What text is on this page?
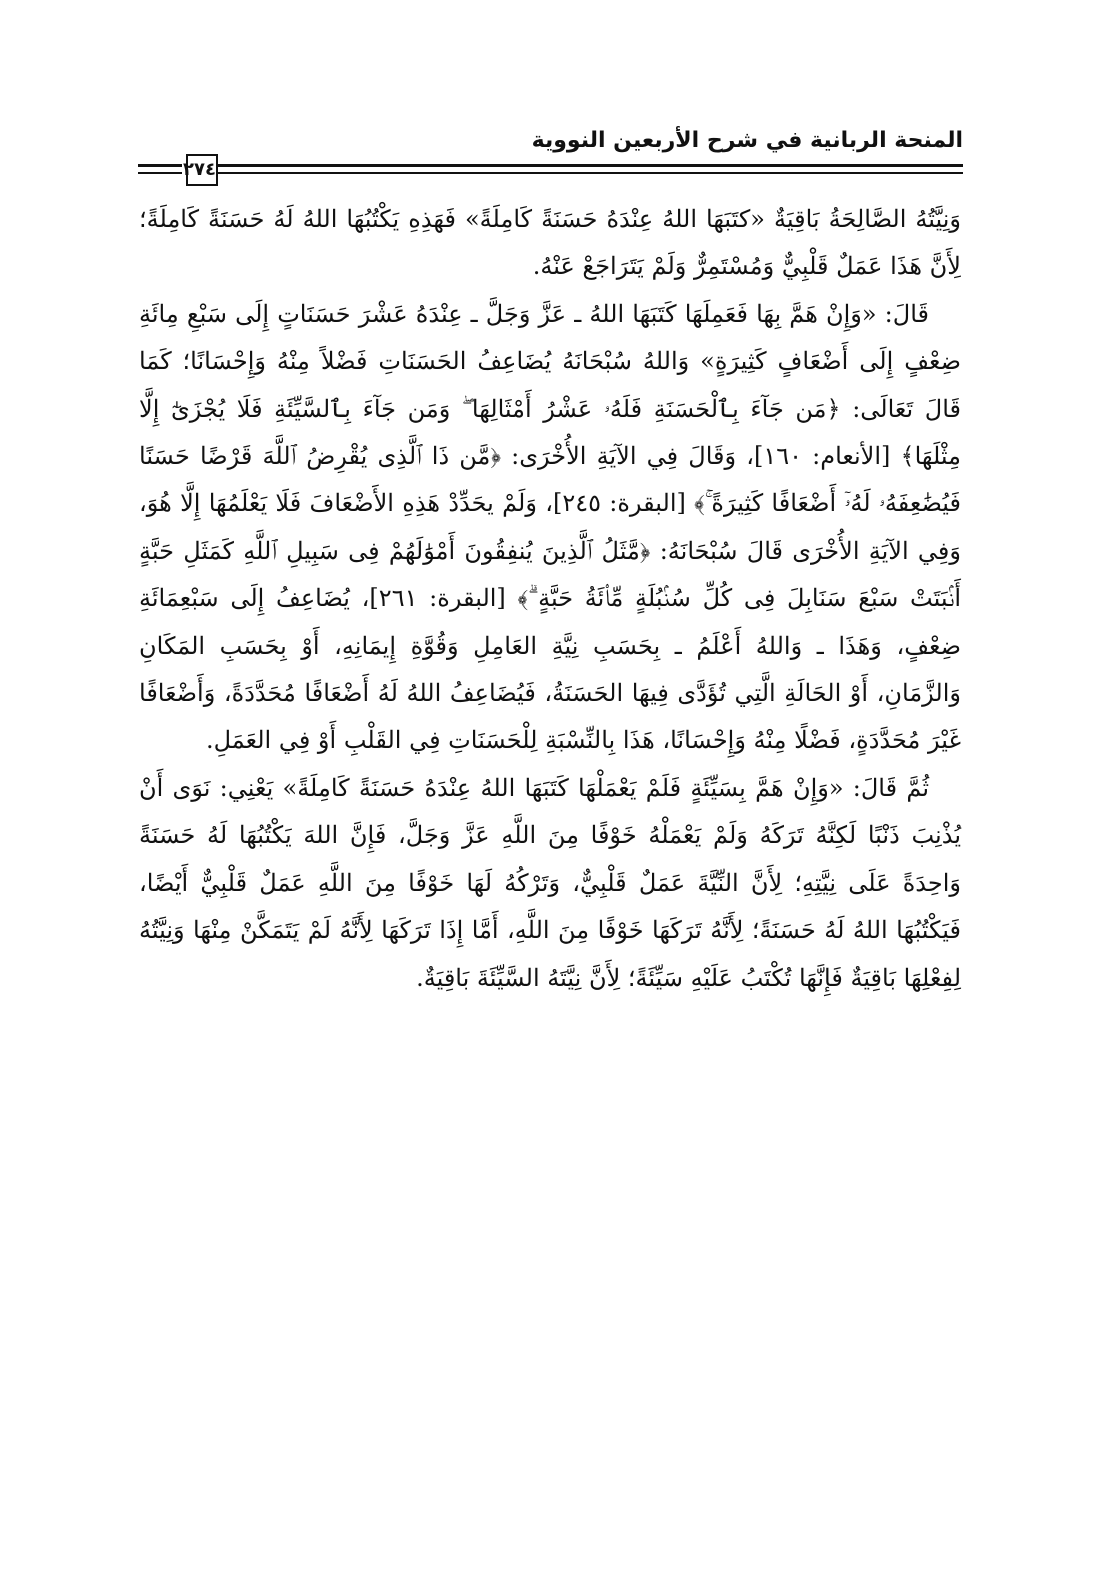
المنحة الربانية في شرح الأربعين النووية
٢٧٤

وَنِيَّتُهُ الصَّالِحَةُ بَاقِيَةٌ «كتَبَهَا اللهُ عِنْدَهُ حَسَنَةً كَامِلَةً» فَهَذِهِ يَكْتُبُهَا اللهُ لَهُ حَسَنَةً كَامِلَةً؛ لِأَنَّ هَذَا عَمَلٌ قَلْبِيٌّ وَمُسْتَمِرٌّ وَلَمْ يَتَرَاجَعْ عَنْهُ.

قَالَ: «وَإِنْ هَمَّ بِهَا فَعَمِلَهَا كَتَبَهَا اللهُ ـ عَزَّ وَجَلَّ ـ عِنْدَهُ عَشْرَ حَسَنَاتٍ إِلَى سَبْعِ مِائَةِ ضِعْفٍ إِلَى أَضْعَافٍ كَثِيرَةٍ» وَاللهُ سُبْحَانَهُ يُضَاعِفُ الحَسَنَاتِ فَضْلاً مِنْهُ وَإِحْسَانًا؛ كَمَا قَالَ تَعَالَى: ﴿مَن جَآءَ بِٱلْحَسَنَةِ فَلَهُۥ عَشْرُ أَمْثَالِهَا ۖ وَمَن جَآءَ بِٱلسَّيِّئَةِ فَلَا يُجْزَىٰٓ إِلَّا مِثْلَهَا﴾ [الأنعام: ١٦٠]، وَقَالَ فِي الآيَةِ الأُخْرَى: ﴿مَّن ذَا ٱلَّذِى يُقْرِضُ ٱللَّهَ قَرْضًا حَسَنًا فَيُضَٰعِفَهُۥ لَهُۥٓ أَضْعَافًا كَثِيرَةً ۚ﴾ [البقرة: ٢٤٥]، وَلَمْ يحَدِّدْ هَذِهِ الأَضْعَافَ فَلَا يَعْلَمُهَا إِلَّا هُوَ، وَفِي الآيَةِ الأُخْرَى قَالَ سُبْحَانَهُ: ﴿مَّثَلُ ٱلَّذِينَ يُنفِقُونَ أَمْوَٰلَهُمْ فِى سَبِيلِ ٱللَّهِ كَمَثَلِ حَبَّةٍ أَنۢبَتَتْ سَبْعَ سَنَابِلَ فِى كُلِّ سُنۢبُلَةٍ مِّا۟ئَةُ حَبَّةٍ ۗ﴾ [البقرة: ٢٦١]، يُضَاعِفُ إِلَى سَبْعِمَائَةِ ضِعْفٍ، وَهَذَا ـ وَاللهُ أَعْلَمُ ـ بِحَسَبِ نِيَّةِ العَامِلِ وَقُوَّةِ إِيمَانِهِ، أَوْ بِحَسَبِ المَكَانِ وَالزَّمَانِ، أَوْ الحَالَةِ الَّتِي تُؤَدَّى فِيهَا الحَسَنَةُ، فَيُضَاعِفُ اللهُ لَهُ أَضْعَافًا مُحَدَّدَةً، وَأَضْعَافًا غَيْرَ مُحَدَّدَةٍ، فَضْلًا مِنْهُ وَإِحْسَانًا، هَذَا بِالنِّسْبَةِ لِلْحَسَنَاتِ فِي القَلْبِ أَوْ فِي العَمَلِ.

ثُمَّ قَالَ: «وَإِنْ هَمَّ بِسَيِّئَةٍ فَلَمْ يَعْمَلْهَا كَتَبَهَا اللهُ عِنْدَهُ حَسَنَةً كَامِلَةً» يَعْنِي: نَوَى أَنْ يُذْنِبَ ذَنْبًا لَكِنَّهُ تَرَكَهُ وَلَمْ يَعْمَلْهُ خَوْفًا مِنَ اللَّهِ عَزَّ وَجَلَّ، فَإِنَّ اللهَ يَكْتُبُهَا لَهُ حَسَنَةً وَاحِدَةً عَلَى نِيَّتِهِ؛ لِأَنَّ النِّيَّةَ عَمَلٌ قَلْبِيٌّ، وَتَرْكُهُ لَهَا خَوْفًا مِنَ اللَّهِ عَمَلٌ قَلْبِيٌّ أَيْضًا، فَيَكْتُبُهَا اللهُ لَهُ حَسَنَةً؛ لِأَنَّهُ تَرَكَهَا خَوْفًا مِنَ اللَّهِ، أَمَّا إِذَا تَرَكَهَا لِأَنَّهُ لَمْ يَتَمَكَّنْ مِنْهَا وَنِيَّتُهُ لِفِعْلِهَا بَاقِيَةٌ فَإِنَّهَا تُكْتَبُ عَلَيْهِ سَيِّئَةً؛ لِأَنَّ نِيَّتَهُ السَّيِّئَةَ بَاقِيَةٌ.
